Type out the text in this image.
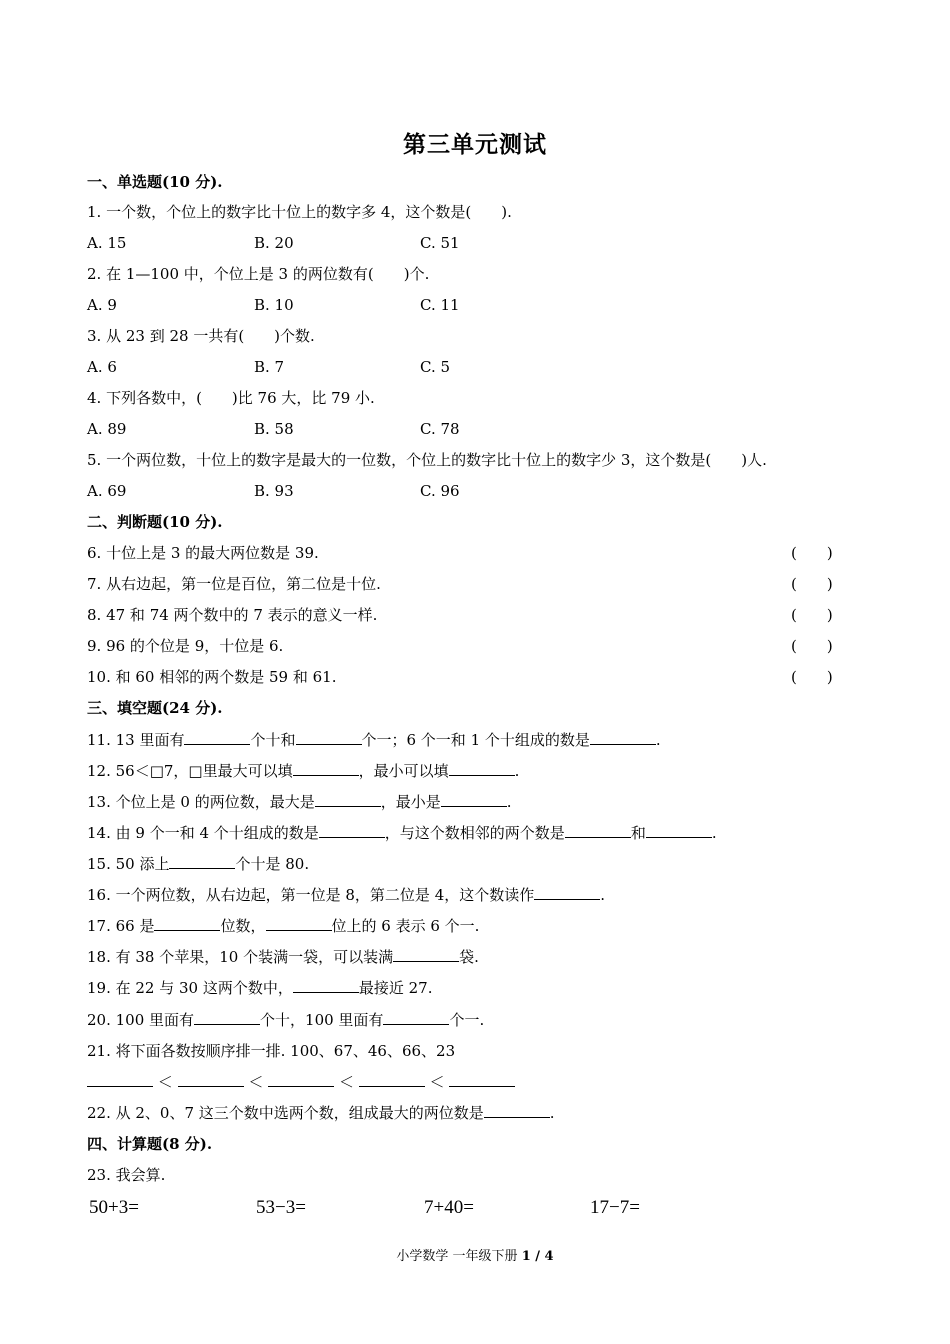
第三单元测试
一、单选题(10 分).
1. 一个数，个位上的数字比十位上的数字多 4，这个数是(　　).
A. 15	B. 20	C. 51
2. 在 1—100 中，个位上是 3 的两位数有(　　)个.
A. 9	B. 10	C. 11
3. 从 23 到 28 一共有(　　)个数.
A. 6	B. 7	C. 5
4. 下列各数中，(　　)比 76 大，比 79 小.
A. 89	B. 58	C. 78
5. 一个两位数，十位上的数字是最大的一位数，个位上的数字比十位上的数字少 3，这个数是(　　)人.
A. 69	B. 93	C. 96
二、判断题(10 分).
6. 十位上是 3 的最大两位数是 39.	(　　)
7. 从右边起，第一位是百位，第二位是十位.	(　　)
8. 47 和 74 两个数中的 7 表示的意义一样.	(　　)
9. 96 的个位是 9，十位是 6.	(　　)
10. 和 60 相邻的两个数是 59 和 61.	(　　)
三、填空题(24 分).
11. 13 里面有	个十和	个一；6 个一和 1 个十组成的数是	.
12. 56＜□7，□里最大可以填	，最小可以填	.
13. 个位上是 0 的两位数，最大是	，最小是	.
14. 由 9 个一和 4 个十组成的数是	，与这个数相邻的两个数是	和	.
15. 50 添上	个十是 80.
16. 一个两位数，从右边起，第一位是 8，第二位是 4，这个数读作	.
17. 66 是	位数，	位上的 6 表示 6 个一.
18. 有 38 个苹果，10 个装满一袋，可以装满	袋.
19. 在 22 与 30 这两个数中，	最接近 27.
20. 100 里面有	个十，100 里面有	个一.
21. 将下面各数按顺序排一排. 100、67、46、66、23
＜	＜	＜	＜
22. 从 2、0、7 这三个数中选两个数，组成最大的两位数是	.
四、计算题(8 分).
23. 我会算.
50+3=	53−3=	7+40=	17−7=
小学数学 一年级下册 1 / 4
